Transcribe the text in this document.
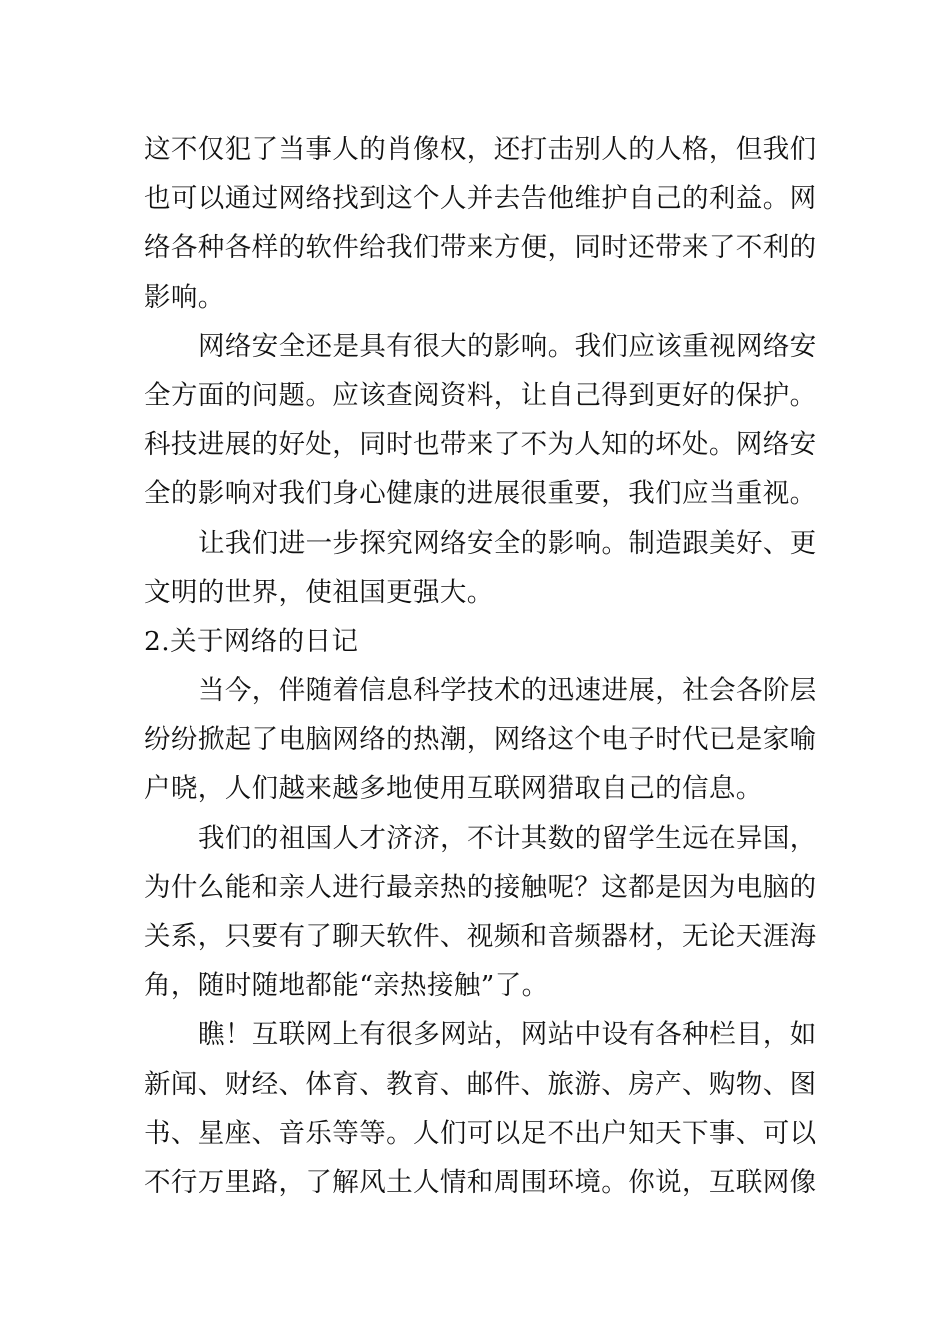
这不仅犯了当事人的肖像权，还打击别人的人格，但我们
也可以通过网络找到这个人并去告他维护自己的利益。网
络各种各样的软件给我们带来方便，同时还带来了不利的
影响。
网络安全还是具有很大的影响。我们应该重视网络安
全方面的问题。应该查阅资料，让自己得到更好的保护。
科技进展的好处，同时也带来了不为人知的坏处。网络安
全的影响对我们身心健康的进展很重要，我们应当重视。
让我们进一步探究网络安全的影响。制造跟美好、更
文明的世界，使祖国更强大。
2.关于网络的日记
当今，伴随着信息科学技术的迅速进展，社会各阶层
纷纷掀起了电脑网络的热潮，网络这个电子时代已是家喻
户晓，人们越来越多地使用互联网猎取自己的信息。
我们的祖国人才济济，不计其数的留学生远在异国，
为什么能和亲人进行最亲热的接触呢？这都是因为电脑的
关系，只要有了聊天软件、视频和音频器材，无论天涯海
角，随时随地都能“亲热接触”了。
瞧！互联网上有很多网站，网站中设有各种栏目，如
新闻、财经、体育、教育、邮件、旅游、房产、购物、图
书、星座、音乐等等。人们可以足不出户知天下事、可以
不行万里路，了解风土人情和周围环境。你说，互联网像
